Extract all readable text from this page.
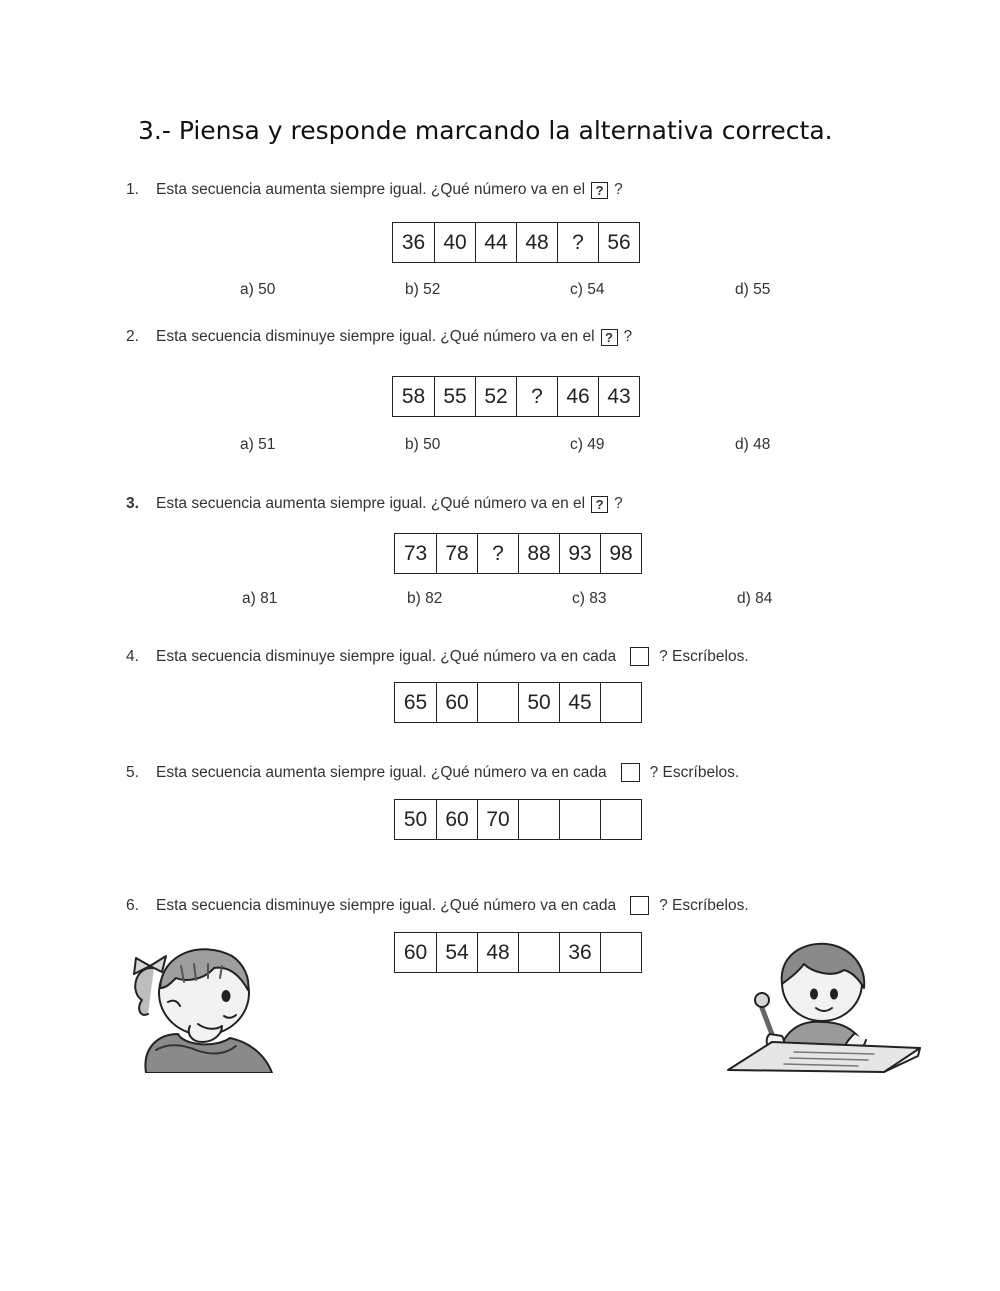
3.- Piensa y responde marcando la alternativa correcta.
1.	Esta secuencia aumenta siempre igual. ¿Qué número va en el ? ?
36 40 44 48	?	56
a) 50	b) 52	c) 54	d) 55
2.	Esta secuencia disminuye siempre igual. ¿Qué número va en el ? ?
58 55 52	?	46 43
a) 51	b) 50	c) 49	d) 48
3.	Esta secuencia aumenta siempre igual. ¿Qué número va en el ? ?
73 78	?	88 93 98
a) 81	b) 82	c) 83	d) 84
4.	Esta secuencia disminuye siempre igual. ¿Qué número va en cada	? Escríbelos.
65 60	50 45
5.	Esta secuencia aumenta siempre igual. ¿Qué número va en cada	? Escríbelos.
50 60 70
6.	Esta secuencia disminuye siempre igual. ¿Qué número va en cada	? Escríbelos.
60 54 48	36
